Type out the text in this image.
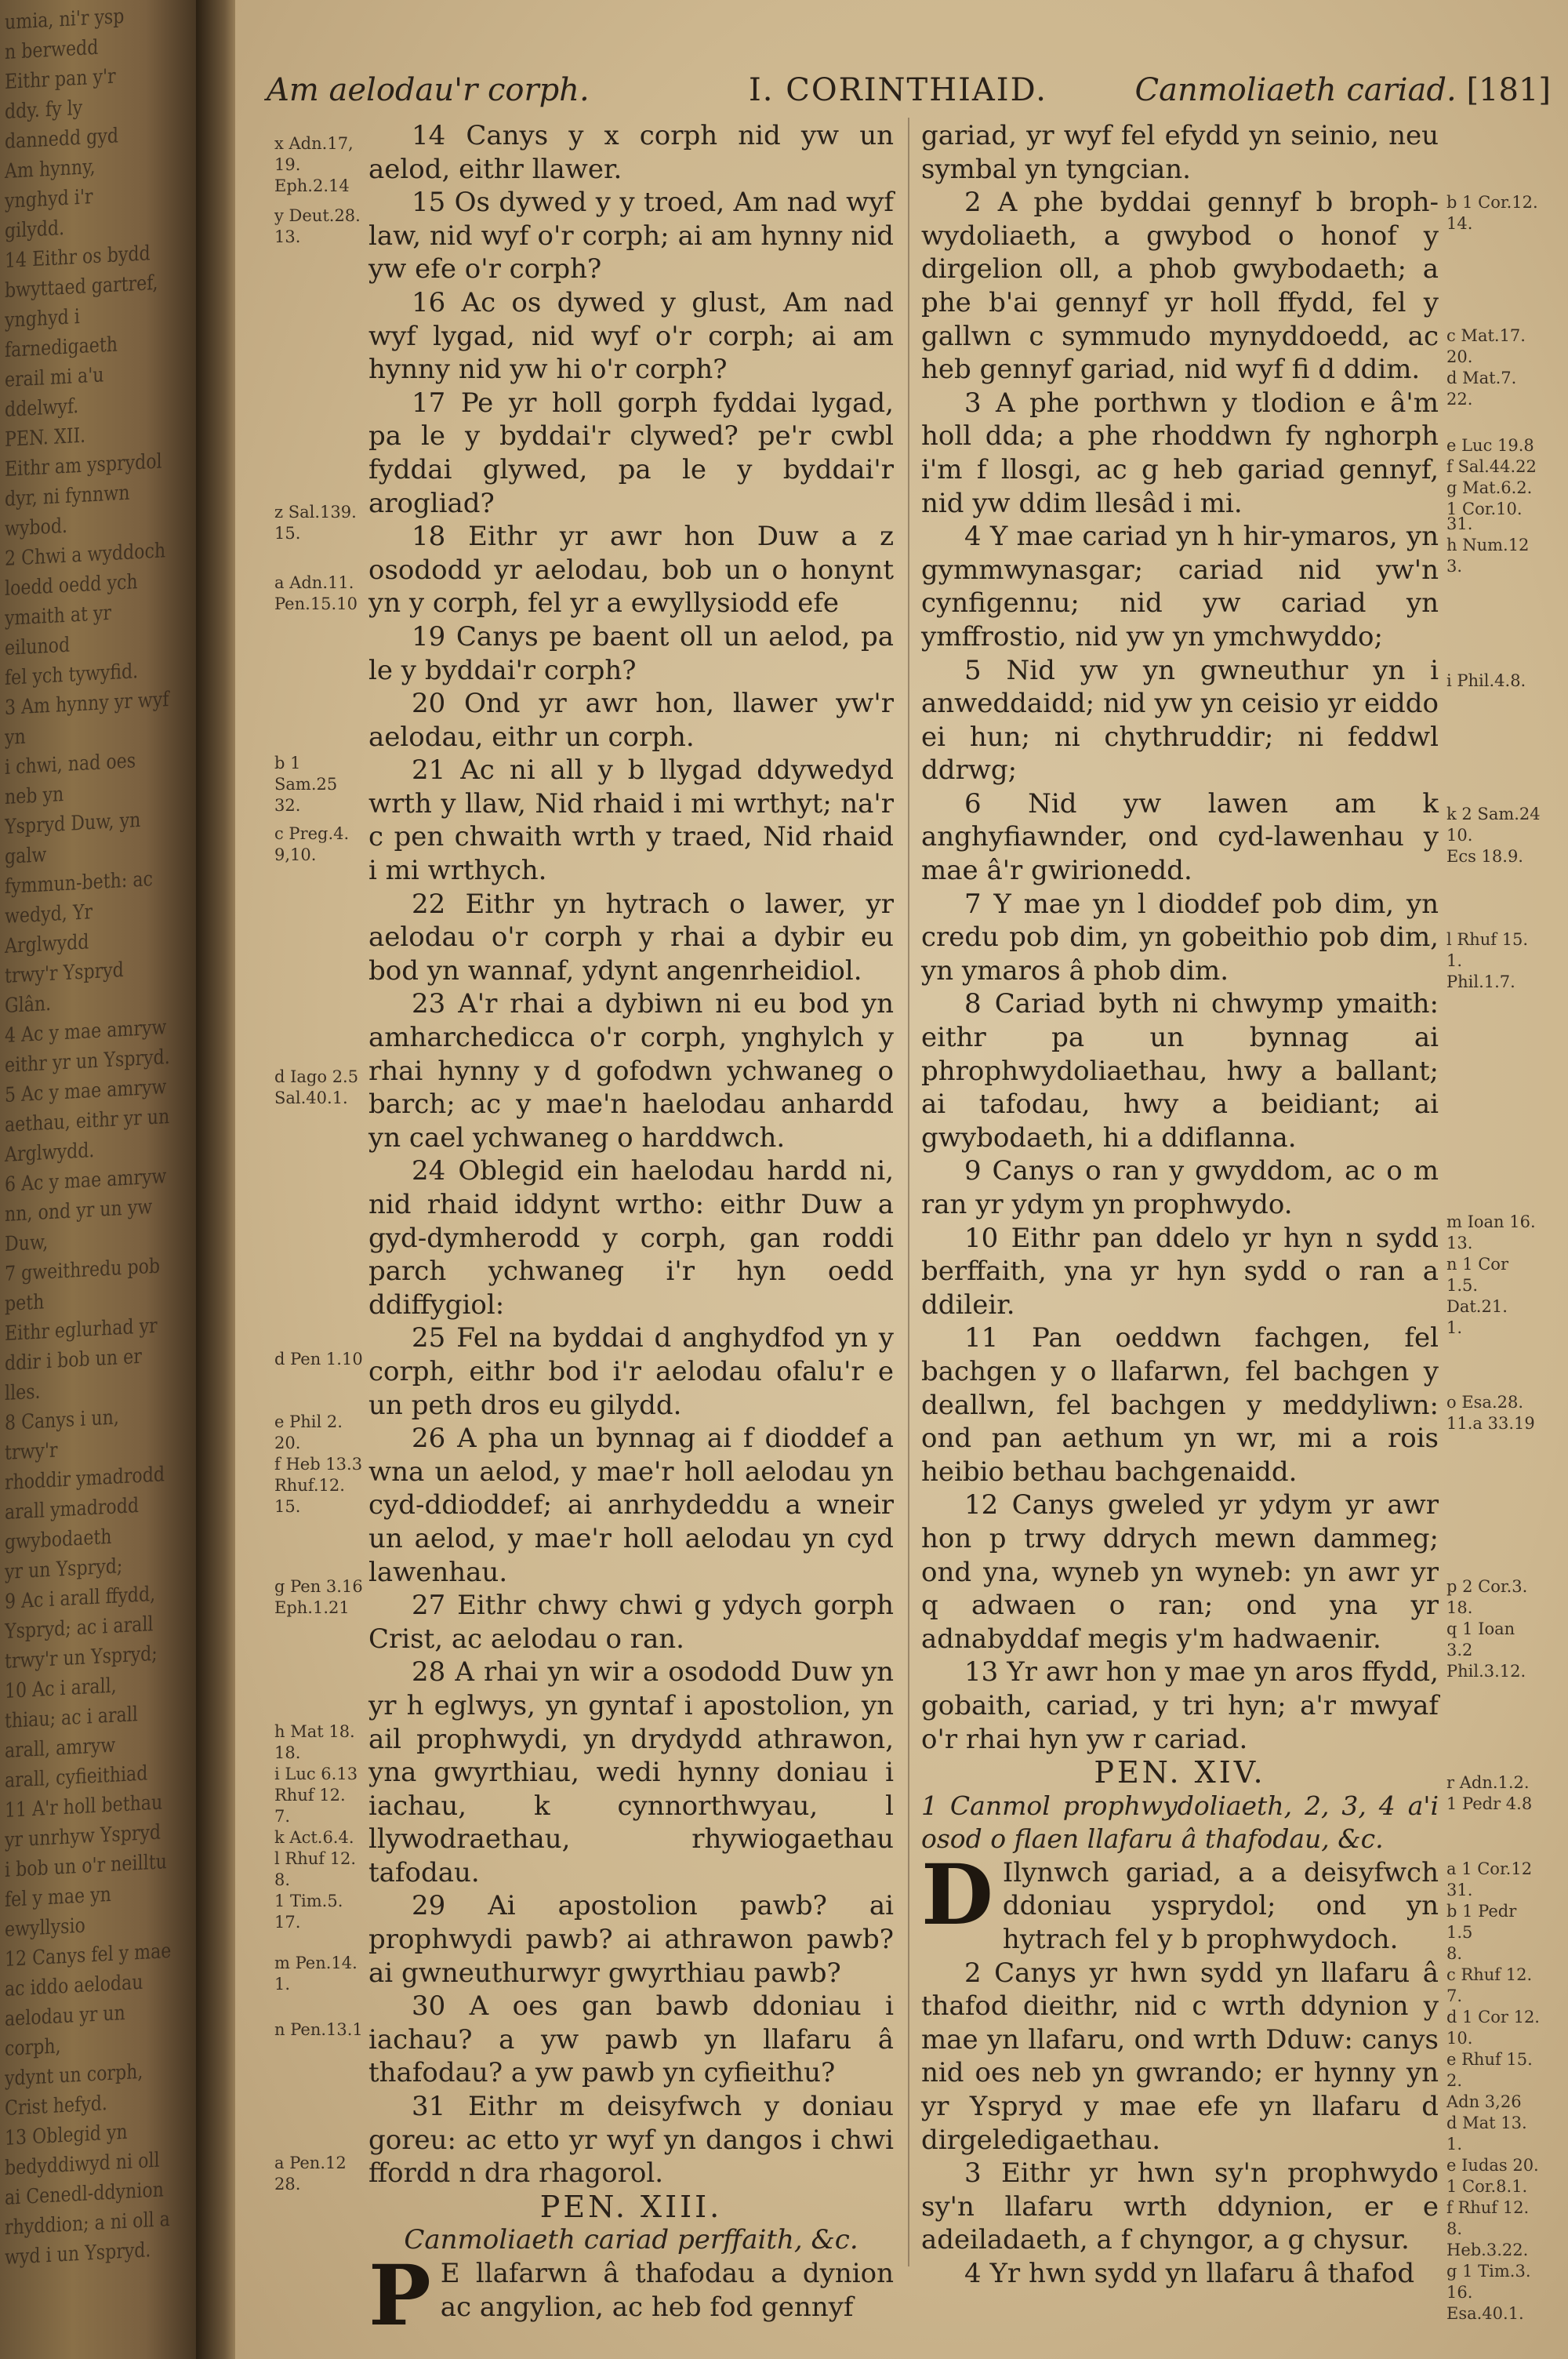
umia, ni'r ysp
n berwedd
Eithr pan y'r
ddy. fy ly
dannedd gyd
Am hynny,
ynghyd i'r
gilydd.
14 Eithr os bydd
bwyttaed gartref,
ynghyd i farnedigaeth
erail mi a'u
ddelwyf.
PEN. XII.
Eithr am ysprydol
dyr, ni fynnwn
wybod.
2 Chwi a wyddoch
loedd oedd ych
ymaith at yr eilunod
fel ych tywyfid.
3 Am hynny yr wyf yn
i chwi, nad oes neb yn
Yspryd Duw, yn galw
fymmun-beth: ac
wedyd, Yr Arglwydd
trwy'r Yspryd Glân.
4 Ac y mae amryw
eithr yr un Yspryd.
5 Ac y mae amryw
aethau, eithr yr un Arglwydd.
6 Ac y mae amryw
nn, ond yr un yw Duw,
7 gweithredu pob peth
Eithr eglurhad yr
ddir i bob un er lles.
8 Canys i un, trwy'r
rhoddir ymadrodd
arall ymadrodd gwybodaeth
yr un Yspryd;
9 Ac i arall ffydd,
Yspryd; ac i arall
trwy'r un Yspryd;
10 Ac i arall,
thiau; ac i arall
arall, amryw
arall, cyfieithiad
11 A'r holl bethau
yr unrhyw Yspryd
i bob un o'r neilltu
fel y mae yn ewyllysio
12 Canys fel y mae
ac iddo aelodau
aelodau yr un corph,
ydynt un corph,
Crist hefyd.
13 Oblegid yn
bedyddiwyd ni oll
ai Cenedl-ddynion
rhyddion; a ni oll a
wyd i un Yspryd.
Am aelodau'r corph.	I. CORINTHIAID.	Canmoliaeth cariad. [181]
x Adn.17,
19.
Eph.2.14
y Deut.28.
13.
z Sal.139.
15.
a Adn.11.
Pen.15.10
b 1 Sam.25
32.
c Preg.4.
9,10.
d Iago 2.5
Sal.40.1.
d Pen 1.10
e Phil 2.
20.
f Heb 13.3
Rhuf.12.
15.
g Pen 3.16
Eph.1.21
h Mat 18.
18.
i Luc 6.13
Rhuf 12.
7.
k Act.6.4.
l Rhuf 12.
8.
1 Tim.5.
17.
m Pen.14.
1.
n Pen.13.1
a Pen.12
28.

14 Canys y x corph nid yw un aelod, eithr llawer.

15 Os dywed y y troed, Am nad wyf law, nid wyf o'r corph; ai am hynny nid yw efe o'r corph?

16 Ac os dywed y glust, Am nad wyf lygad, nid wyf o'r corph; ai am hynny nid yw hi o'r corph?

17 Pe yr holl gorph fyddai lygad, pa le y byddai'r clywed? pe'r cwbl fyddai glywed, pa le y byddai'r arogliad?

18 Eithr yr awr hon Duw a z osododd yr aelodau, bob un o honynt yn y corph, fel yr a ewyllysiodd efe

19 Canys pe baent oll un aelod, pa le y byddai'r corph?

20 Ond yr awr hon, llawer yw'r aelodau, eithr un corph.

21 Ac ni all y b llygad ddywedyd wrth y llaw, Nid rhaid i mi wrthyt; na'r c pen chwaith wrth y traed, Nid rhaid i mi wrthych.

22 Eithr yn hytrach o lawer, yr aelodau o'r corph y rhai a dybir eu bod yn wannaf, ydynt angenrheidiol.

23 A'r rhai a dybiwn ni eu bod yn amharchedicca o'r corph, ynghylch y rhai hynny y d gofodwn ychwaneg o barch; ac y mae'n haelodau anhardd yn cael ychwaneg o harddwch.

24 Oblegid ein haelodau hardd ni, nid rhaid iddynt wrtho: eithr Duw a gyd-dymherodd y corph, gan roddi parch ychwaneg i'r hyn oedd ddiffygiol:

25 Fel na byddai d anghydfod yn y corph, eithr bod i'r aelodau ofalu'r e un peth dros eu gilydd.

26 A pha un bynnag ai f dioddef a wna un aelod, y mae'r holl aelodau yn cyd-ddioddef; ai anrhydeddu a wneir un aelod, y mae'r holl aelodau yn cyd lawenhau.

27 Eithr chwy chwi g ydych gorph Crist, ac aelodau o ran.

28 A rhai yn wir a osododd Duw yn yr h eglwys, yn gyntaf i apostolion, yn ail prophwydi, yn drydydd athrawon, yna gwyrthiau, wedi hynny doniau i iachau, k cynnorthwyau, l llywodraethau, rhywiogaethau tafodau.

29 Ai apostolion pawb? ai prophwydi pawb? ai athrawon pawb? ai gwneuthurwyr gwyrthiau pawb?

30 A oes gan bawb ddoniau i iachau? a yw pawb yn llafaru â thafodau? a yw pawb yn cyfieithu?

31 Eithr m deisyfwch y doniau goreu: ac etto yr wyf yn dangos i chwi ffordd n dra rhagorol.

PEN. XIII.

Canmoliaeth cariad perffaith, &c.

P E llafarwn â thafodau a dynion ac angylion, ac heb fod gennyf

gariad, yr wyf fel efydd yn seinio, neu symbal yn tyngcian.

2 A phe byddai gennyf b broph-wydoliaeth, a gwybod o honof y dirgelion oll, a phob gwybodaeth; a phe b'ai gennyf yr holl ffydd, fel y gallwn c symmudo mynyddoedd, ac heb gennyf gariad, nid wyf fi d ddim.

3 A phe porthwn y tlodion e â'm holl dda; a phe rhoddwn fy nghorph i'm f llosgi, ac g heb gariad gennyf, nid yw ddim llesâd i mi.

4 Y mae cariad yn h hir-ymaros, yn gymmwynasgar; cariad nid yw'n cynfigennu; nid yw cariad yn ymffrostio, nid yw yn ymchwyddo;

5 Nid yw yn gwneuthur yn i anweddaidd; nid yw yn ceisio yr eiddo ei hun; ni chythruddir; ni feddwl ddrwg;

6 Nid yw lawen am k anghyfiawnder, ond cyd-lawenhau y mae â'r gwirionedd.

7 Y mae yn l dioddef pob dim, yn credu pob dim, yn gobeithio pob dim, yn ymaros â phob dim.

8 Cariad byth ni chwymp ymaith: eithr pa un bynnag ai phrophwydoliaethau, hwy a ballant; ai tafodau, hwy a beidiant; ai gwybodaeth, hi a ddiflanna.

9 Canys o ran y gwyddom, ac o m ran yr ydym yn prophwydo.

10 Eithr pan ddelo yr hyn n sydd berffaith, yna yr hyn sydd o ran a ddileir.

11 Pan oeddwn fachgen, fel bachgen y o llafarwn, fel bachgen y deallwn, fel bachgen y meddyliwn: ond pan aethum yn wr, mi a rois heibio bethau bachgenaidd.

12 Canys gweled yr ydym yr awr hon p trwy ddrych mewn dammeg; ond yna, wyneb yn wyneb: yn awr yr q adwaen o ran; ond yna yr adnabyddaf megis y'm hadwaenir.

13 Yr awr hon y mae yn aros ffydd, gobaith, cariad, y tri hyn; a'r mwyaf o'r rhai hyn yw r cariad.

PEN. XIV.

1 Canmol prophwydoliaeth, 2, 3, 4 a'i osod o flaen llafaru â thafodau, &c.

D Ilynwch gariad, a a deisyfwch ddoniau ysprydol; ond yn hytrach fel y b prophwydoch.

2 Canys yr hwn sydd yn llafaru â thafod dieithr, nid c wrth ddynion y mae yn llafaru, ond wrth Dduw: canys nid oes neb yn gwrando; er hynny yn yr Yspryd y mae efe yn llafaru d dirgeledigaethau.

3 Eithr yr hwn sy'n prophwydo sy'n llafaru wrth ddynion, er e adeiladaeth, a f chyngor, a g chysur.

4 Yr hwn sydd yn llafaru â thafod

b 1 Cor.12.
14.
c Mat.17.
20.
d Mat.7.
22.
e Luc 19.8
f Sal.44.22
g Mat.6.2.
1 Cor.10.
31.
h Num.12
3.
i Phil.4.8.
k 2 Sam.24
10.
Ecs 18.9.
l Rhuf 15.
1.
Phil.1.7.
m Ioan 16.
13.
n 1 Cor 1.5.
Dat.21.
1.
o Esa.28.
11.a 33.19
p 2 Cor.3.
18.
q 1 Ioan 3.2
Phil.3.12.
r Adn.1.2.
1 Pedr 4.8
a 1 Cor.12
31.
b 1 Pedr 1.5
8.
c Rhuf 12.
7.
d 1 Cor 12.
10.
e Rhuf 15.
2.
Adn 3,26
d Mat 13.
1.
e Iudas 20.
1 Cor.8.1.
f Rhuf 12.
8.
Heb.3.22.
g 1 Tim.3.
16.
Esa.40.1.
